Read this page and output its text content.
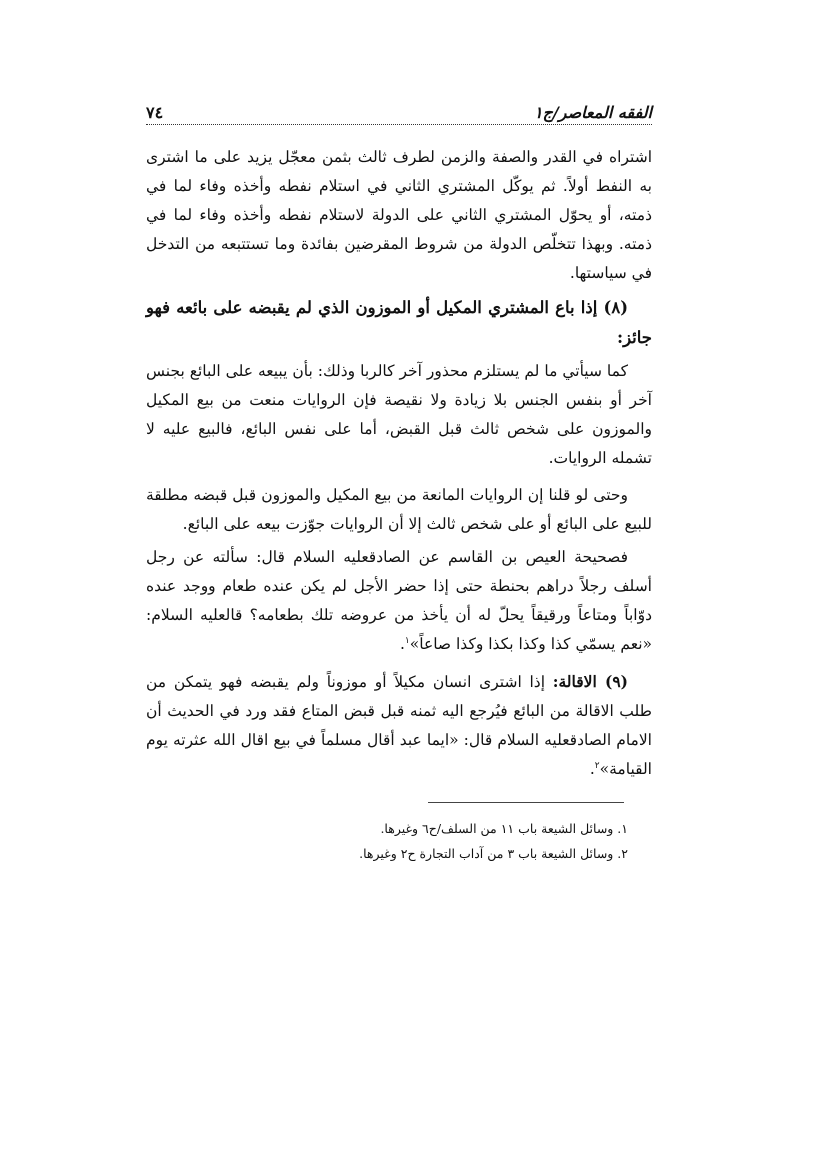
الفقه المعاصر/ج١
٧٤

اشتراه في القدر والصفة والزمن لطرف ثالث بثمن معجّل يزيد على ما اشترى به النفط أولاً. ثم يوكّل المشتري الثاني في استلام نفطه وأخذه وفاء لما في ذمته، أو يحوّل المشتري الثاني على الدولة لاستلام نفطه وأخذه وفاء لما في ذمته. وبهذا تتخلّص الدولة من شروط المقرضين بفائدة وما تستتبعه من التدخل في سياستها.

(٨) إذا باع المشتري المكيل أو الموزون الذي لم يقبضه على بائعه فهو جائز:

كما سيأتي ما لم يستلزم محذور آخر كالربا وذلك: بأن يبيعه على البائع بجنس آخر أو بنفس الجنس بلا زيادة ولا نقيصة فإن الروايات منعت من بيع المكيل والموزون على شخص ثالث قبل القبض، أما على نفس البائع، فالبيع عليه لا تشمله الروايات.

وحتى لو قلنا إن الروايات المانعة من بيع المكيل والموزون قبل قبضه مطلقة للبيع على البائع أو على شخص ثالث إلا أن الروايات جوّزت بيعه على البائع.

فصحيحة العيص بن القاسم عن الصادقعليه السلام قال: سألته عن رجل أسلف رجلاً دراهم بحنطة حتى إذا حضر الأجل لم يكن عنده طعام ووجد عنده دوّاباً ومتاعاً ورقيقاً يحلّ له أن يأخذ من عروضه تلك بطعامه؟ قالعليه السلام: «نعم يسمّي كذا وكذا بكذا وكذا صاعاً»$^١$.

(٩) الاقالة: إذا اشترى انسان مكيلاً أو موزوناً ولم يقبضه فهو يتمكن من طلب الاقالة من البائع فيُرجع اليه ثمنه قبل قبض المتاع فقد ورد في الحديث أن الامام الصادقعليه السلام قال: «ايما عبد أقال مسلماً في بيع اقال الله عثرته يوم القيامة»$^٢$.

١. وسائل الشيعة باب ١١ من السلف/ح٦ وغيرها.

٢. وسائل الشيعة باب ٣ من آداب التجارة ح٢ وغيرها.
